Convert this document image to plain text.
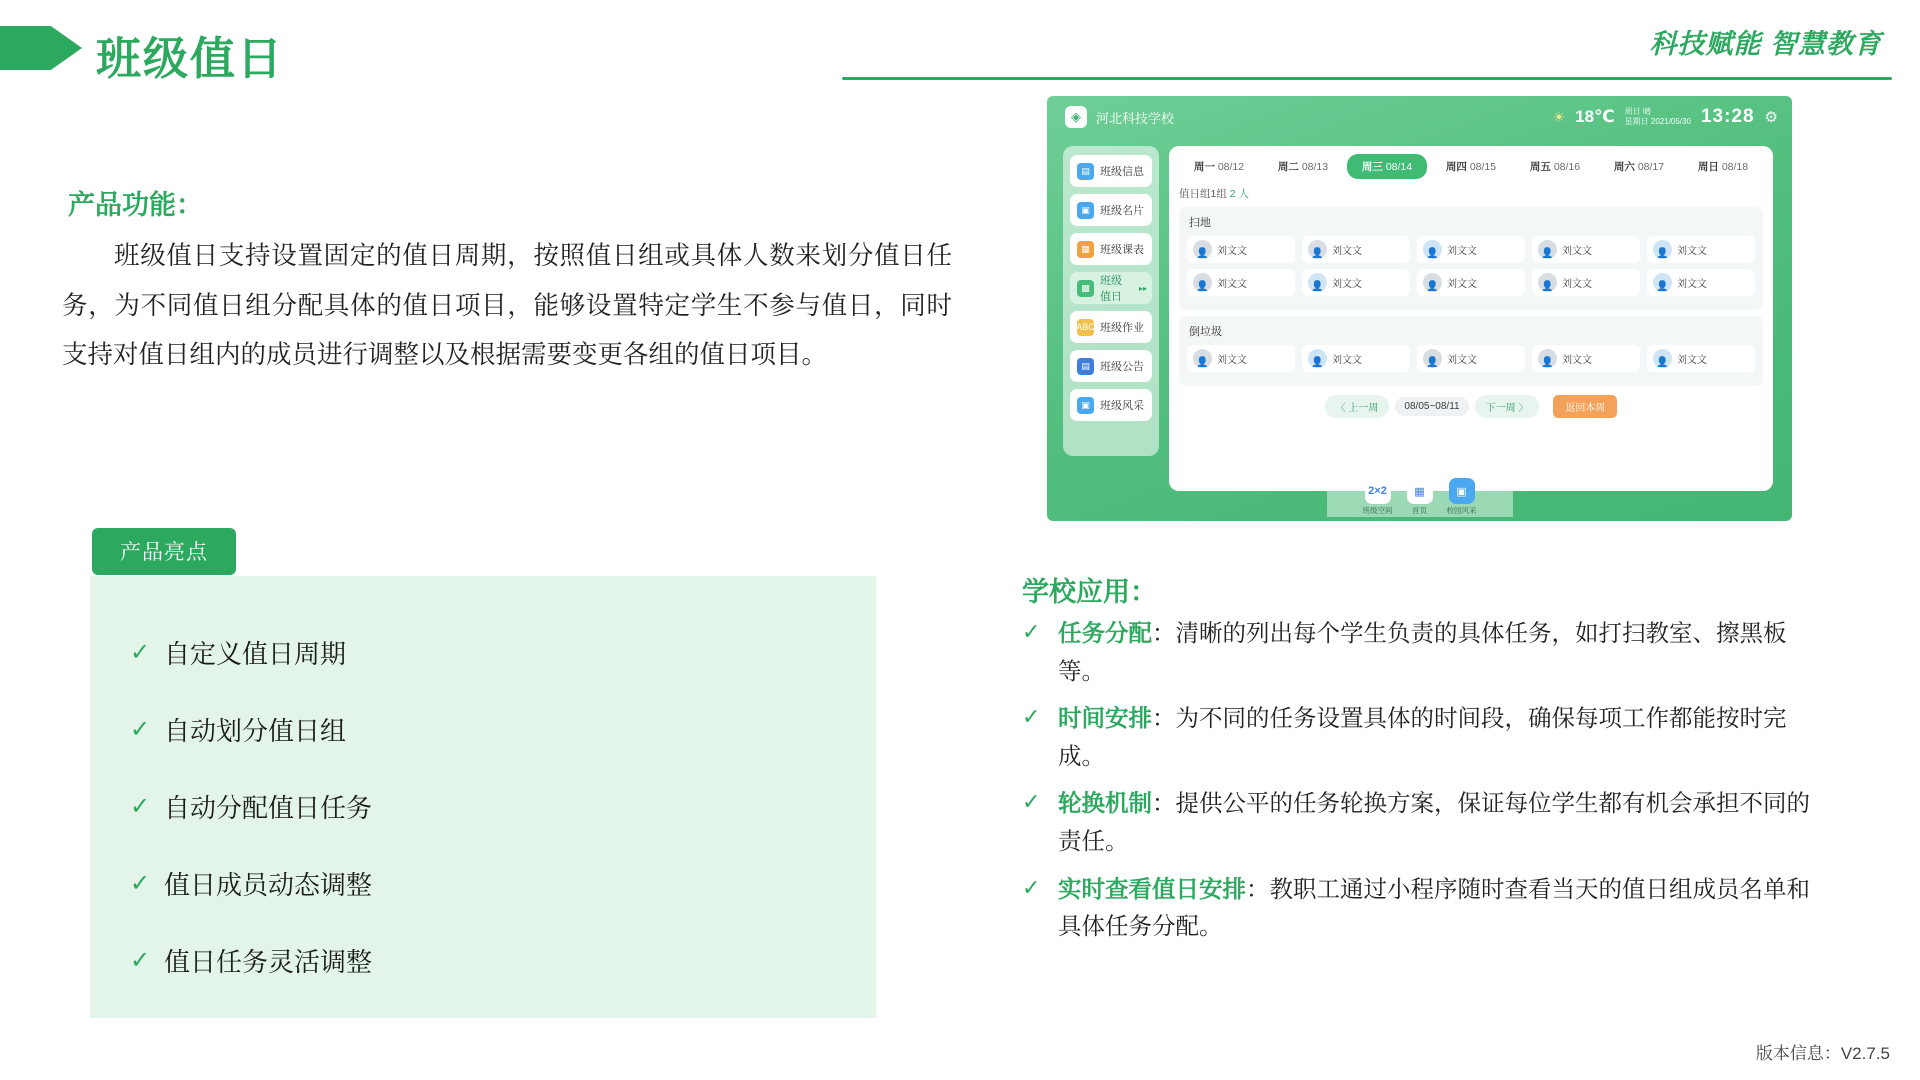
班级值日	科技赋能 智慧教育
产品功能：
班级值日支持设置固定的值日周期，按照值日组或具体人数来划分值日任务，为不同值日组分配具体的值日项目，能够设置特定学生不参与值日，同时支持对值日组内的成员进行调整以及根据需要变更各组的值日项目。
产品亮点
✓ 自定义值日周期
✓ 自动划分值日组
✓ 自动分配值日任务
✓ 值日成员动态调整
✓ 值日任务灵活调整
◈	河北科技学校	☀ 18℃ 周日 晴
星期日 2021/05/30 13:28 ⚙
▤ 班级信息
▣ 班级名片
▦ 班级课表
▩
班级值日
▸▸
ABC 班级作业
▤ 班级公告
▣ 班级风采
周一 08/12	周二 08/13	周三 08/14	周四 08/15	周五 08/16	周六 08/17	周日 08/18
值日组1组 2 人
扫地
👤 刘文文	👤 刘文文	👤 刘文文	👤 刘文文	👤 刘文文
👤 刘文文	👤 刘文文	👤 刘文文	👤 刘文文	👤 刘文文
倒垃圾
👤 刘文文	👤 刘文文	👤 刘文文	👤 刘文文	👤 刘文文
〈 上一周	08/05~08/11	下一周 〉	返回本周
2×2
班级空间
▦
首页
▣
校园风采
学校应用：
✓ 任务分配：清晰的列出每个学生负责的具体任务，如打扫教室、擦黑板等。
✓ 时间安排：为不同的任务设置具体的时间段，确保每项工作都能按时完成。
✓ 轮换机制：提供公平的任务轮换方案，保证每位学生都有机会承担不同的责任。
✓ 实时查看值日安排：教职工通过小程序随时查看当天的值日组成员名单和具体任务分配。
版本信息：V2.7.5
